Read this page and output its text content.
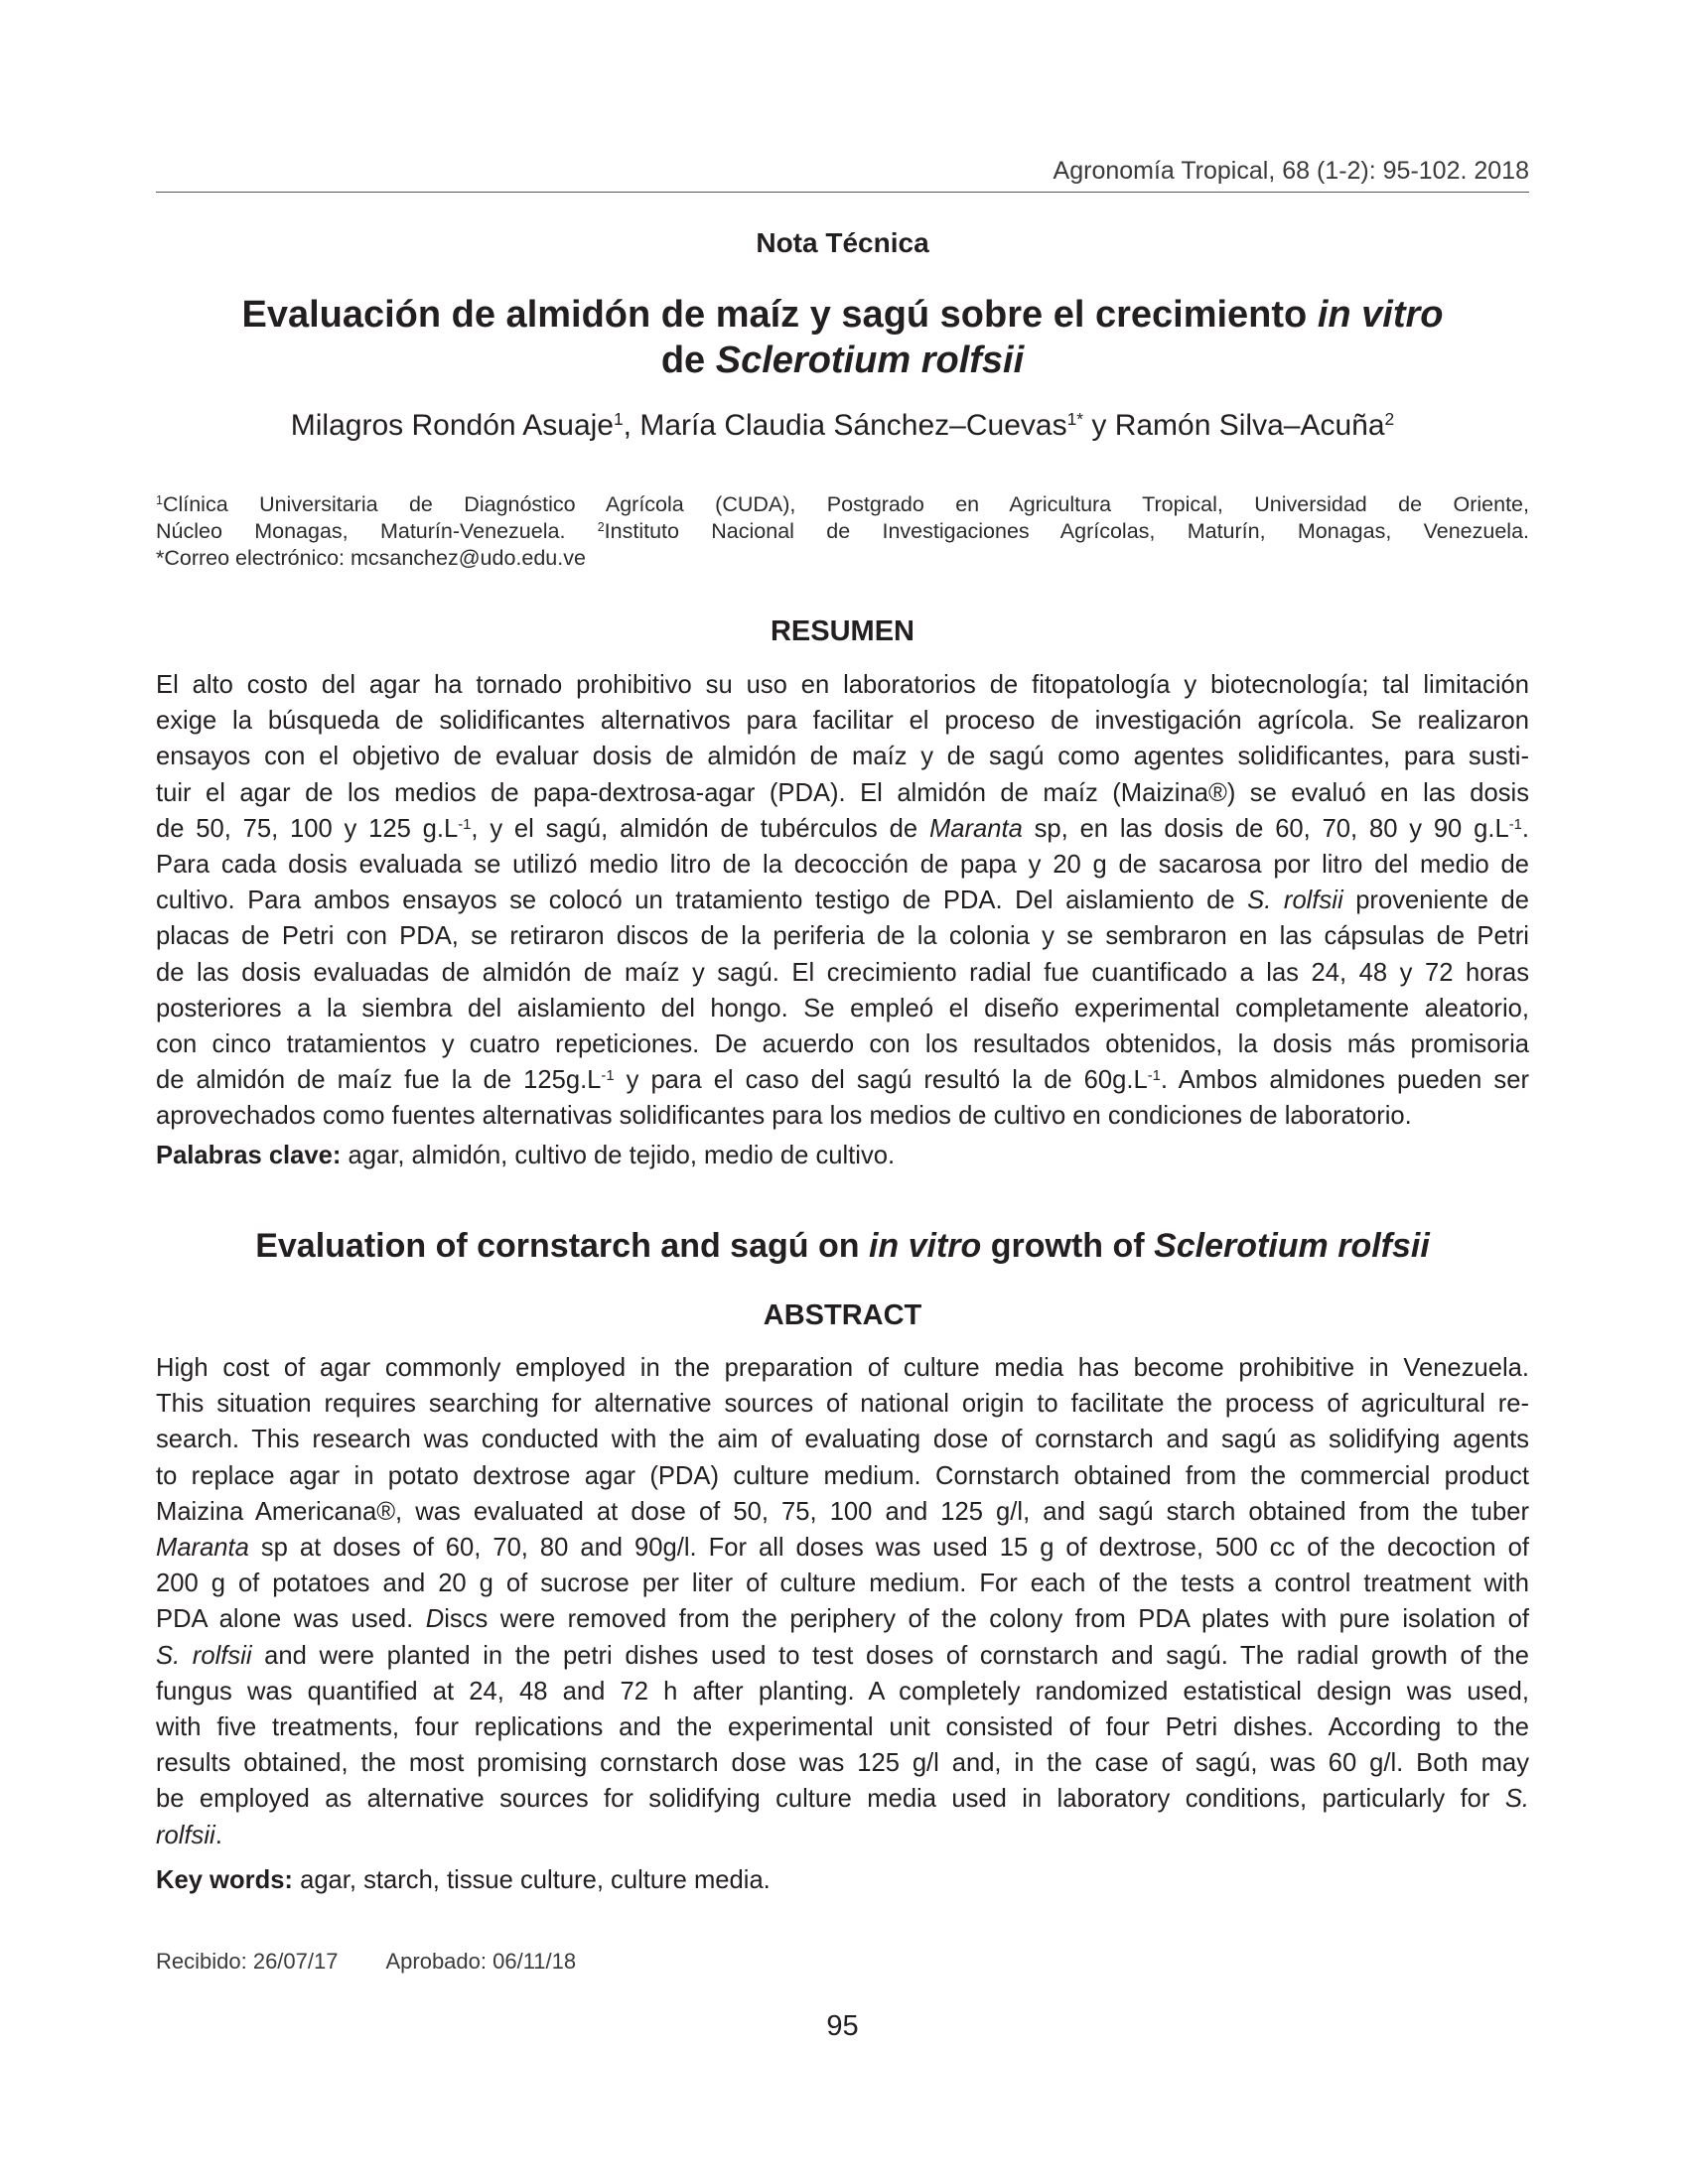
Agronomía Tropical, 68 (1-2): 95-102. 2018
Nota Técnica
Evaluación de almidón de maíz y sagú sobre el crecimiento in vitro
de Sclerotium rolfsii
Milagros Rondón Asuaje$^1$, María Claudia Sánchez–Cuevas$^{1*}$ y Ramón Silva–Acuña$^2$
$^1$Clínica Universitaria de Diagnóstico Agrícola (CUDA), Postgrado en Agricultura Tropical, Universidad de Oriente,
Núcleo Monagas, Maturín-Venezuela. $^2$Instituto Nacional de Investigaciones Agrícolas, Maturín, Monagas, Venezuela.
*Correo electrónico: mcsanchez@udo.edu.ve
RESUMEN
El alto costo del agar ha tornado prohibitivo su uso en laboratorios de fitopatología y biotecnología; tal limitación
exige la búsqueda de solidificantes alternativos para facilitar el proceso de investigación agrícola. Se realizaron
ensayos con el objetivo de evaluar dosis de almidón de maíz y de sagú como agentes solidificantes, para susti-
tuir el agar de los medios de papa-dextrosa-agar (PDA). El almidón de maíz (Maizina®) se evaluó en las dosis
de 50, 75, 100 y 125 $g.L^{-1}$, y el sagú, almidón de tubérculos de Maranta sp, en las dosis de 60, 70, 80 y 90 $g.L^{-1}$.
Para cada dosis evaluada se utilizó medio litro de la decocción de papa y 20 g de sacarosa por litro del medio de
cultivo. Para ambos ensayos se colocó un tratamiento testigo de PDA. Del aislamiento de S. rolfsii proveniente de
placas de Petri con PDA, se retiraron discos de la periferia de la colonia y se sembraron en las cápsulas de Petri
de las dosis evaluadas de almidón de maíz y sagú. El crecimiento radial fue cuantificado a las 24, 48 y 72 horas
posteriores a la siembra del aislamiento del hongo. Se empleó el diseño experimental completamente aleatorio,
con cinco tratamientos y cuatro repeticiones. De acuerdo con los resultados obtenidos, la dosis más promisoria
de almidón de maíz fue la de $125g.L^{-1}$ y para el caso del sagú resultó la de $60g.L^{-1}$. Ambos almidones pueden ser
aprovechados como fuentes alternativas solidificantes para los medios de cultivo en condiciones de laboratorio.
Palabras clave: agar, almidón, cultivo de tejido, medio de cultivo.
Evaluation of cornstarch and sagú on in vitro growth of Sclerotium rolfsii
ABSTRACT
High cost of agar commonly employed in the preparation of culture media has become prohibitive in Venezuela.
This situation requires searching for alternative sources of national origin to facilitate the process of agricultural re-
search. This research was conducted with the aim of evaluating dose of cornstarch and sagú as solidifying agents
to replace agar in potato dextrose agar (PDA) culture medium. Cornstarch obtained from the commercial product
Maizina Americana®, was evaluated at dose of 50, 75, 100 and 125 g/l, and sagú starch obtained from the tuber
Maranta sp at doses of 60, 70, 80 and 90g/l. For all doses was used 15 g of dextrose, 500 cc of the decoction of
200 g of potatoes and 20 g of sucrose per liter of culture medium. For each of the tests a control treatment with
PDA alone was used. Discs were removed from the periphery of the colony from PDA plates with pure isolation of
S. rolfsii and were planted in the petri dishes used to test doses of cornstarch and sagú. The radial growth of the
fungus was quantified at 24, 48 and 72 h after planting. A completely randomized estatistical design was used,
with five treatments, four replications and the experimental unit consisted of four Petri dishes. According to the
results obtained, the most promising cornstarch dose was 125 g/l and, in the case of sagú, was 60 g/l. Both may
be employed as alternative sources for solidifying culture media used in laboratory conditions, particularly for S.
rolfsii.
Key words: agar, starch, tissue culture, culture media.
Recibido: 26/07/17 Aprobado: 06/11/18
95
